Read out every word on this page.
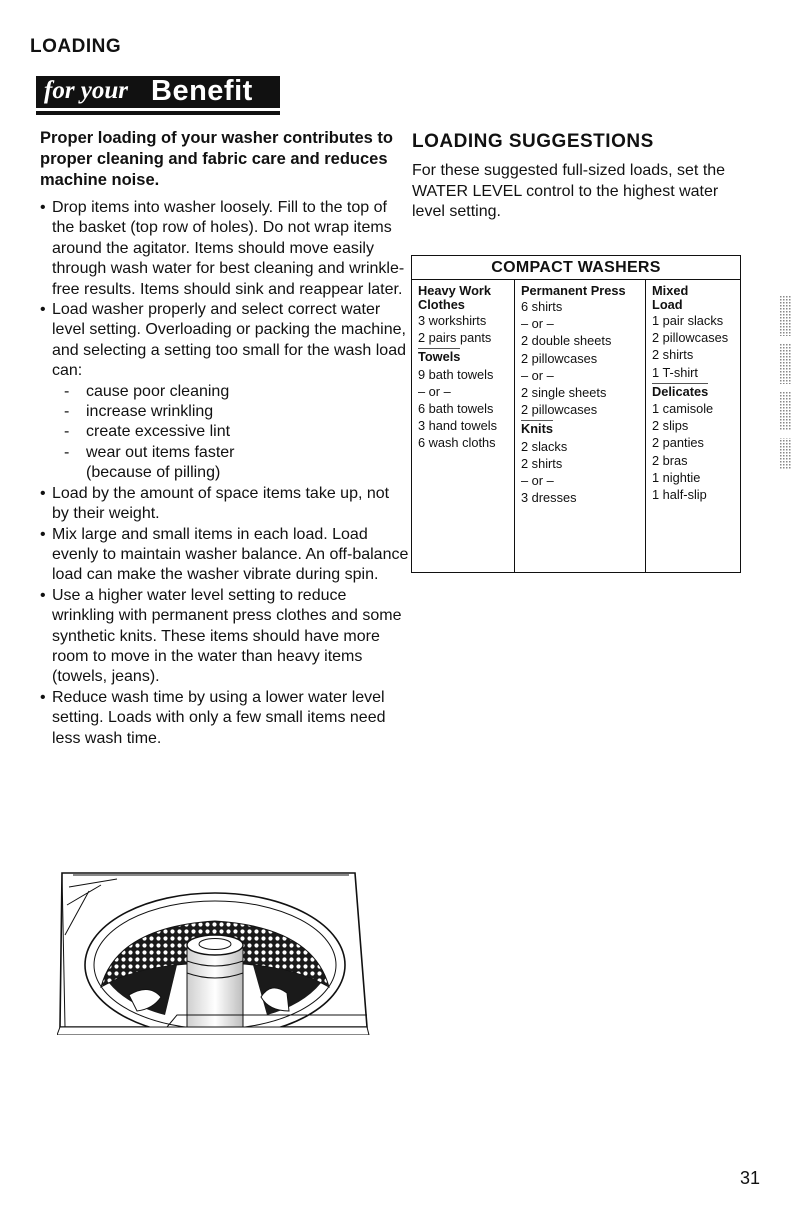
LOADING
for your Benefit

Proper loading of your washer contributes to proper cleaning and fabric care and reduces machine noise.

• Drop items into washer loosely. Fill to the top of the basket (top row of holes). Do not wrap items around the agitator. Items should move easily through wash water for best cleaning and wrinkle-free results. Items should sink and reappear later.
• Load washer properly and select correct water level setting. Overloading or packing the machine, and selecting a setting too small for the wash load can:
- cause poor cleaning
- increase wrinkling
- create excessive lint
- wear out items faster
(because of pilling)
• Load by the amount of space items take up, not by their weight.
• Mix large and small items in each load. Load evenly to maintain washer balance. An off-balance load can make the washer vibrate during spin.
• Use a higher water level setting to reduce wrinkling with permanent press clothes and some synthetic knits. These items should have more room to move in the water than heavy items (towels, jeans).
• Reduce wash time by using a lower water level setting. Loads with only a few small items need less wash time.
LOADING SUGGESTIONS

For these suggested full-sized loads, set the WATER LEVEL control to the highest water level setting.

COMPACT WASHERS
Heavy Work
Clothes
3 workshirts
2 pairs pants
Towels
9 bath towels
– or –
6 bath towels
3 hand towels
6 wash cloths
Permanent Press
6 shirts
– or –
2 double sheets
2 pillowcases
– or –
2 single sheets
2 pillowcases
Knits
2 slacks
2 shirts
– or –
3 dresses
Mixed
Load
1 pair slacks
2 pillowcases
2 shirts
1 T-shirt
Delicates
1 camisole
2 slips
2 panties
2 bras
1 nightie
1 half-slip
31
